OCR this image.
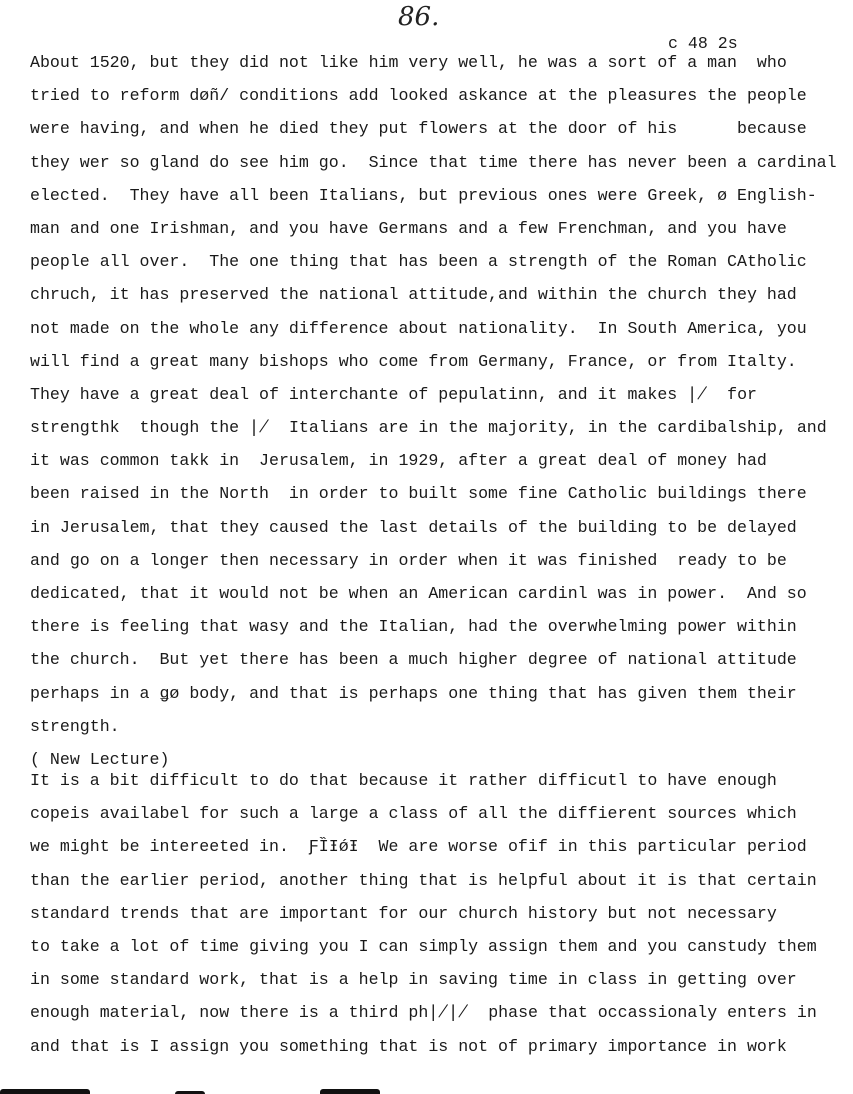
86.
c 48 2s
About 1520, but they did not like him very well, he was a sort of a man  who
tried to reform døñ/ conditions add looked askance at the pleasures the people
were having, and when he died they put flowers at the door of his      because
they wer so gland do see him go.  Since that time there has never been a cardinal
elected.  They have all been Italians, but previous ones were Greek, ø English-
man and one Irishman, and you have Germans and a few Frenchman, and you have
people all over.  The one thing that has been a strength of the Roman CAtholic
chruch, it has preserved the national attitude,and within the church they had
not made on the whole any difference about nationality.  In South America, you
will find a great many bishops who come from Germany, France, or from Italty.
They have a great deal of interchante of pepulatinn, and it makes ∤  for
strengthk  though the ∤  Italians are in the majority, in the cardibalship, and
it was common takk in  Jerusalem, in 1929, after a great deal of money had
been raised in the North  in order to built some fine Catholic buildings there
in Jerusalem, that they caused the last details of the building to be delayed
and go on a longer then necessary in order when it was finished  ready to be
dedicated, that it would not be when an American cardinl was in power.  And so
there is feeling that wasy and the Italian, had the overwhelming power within
the church.  But yet there has been a much higher degree of national attitude
perhaps in a ǥø body, and that is perhaps one thing that has given them their
strength.
( New Lecture)
It is a bit difficult to do that because it rather difficutl to have enough
copeis availabel for such a large a class of all the diffierent sources which
we might be intereeted in.  ƑȈƗǿƗ  We are worse ofif in this particular period
than the earlier period, another thing that is helpful about it is that certain
standard trends that are important for our church history but not necessary
to take a lot of time giving you I can simply assign them and you canstudy them
in some standard work, that is a help in saving time in class in getting over
enough material, now there is a third ph∤∤  phase that occassionaly enters in
and that is I assign you something that is not of primary importance in work
